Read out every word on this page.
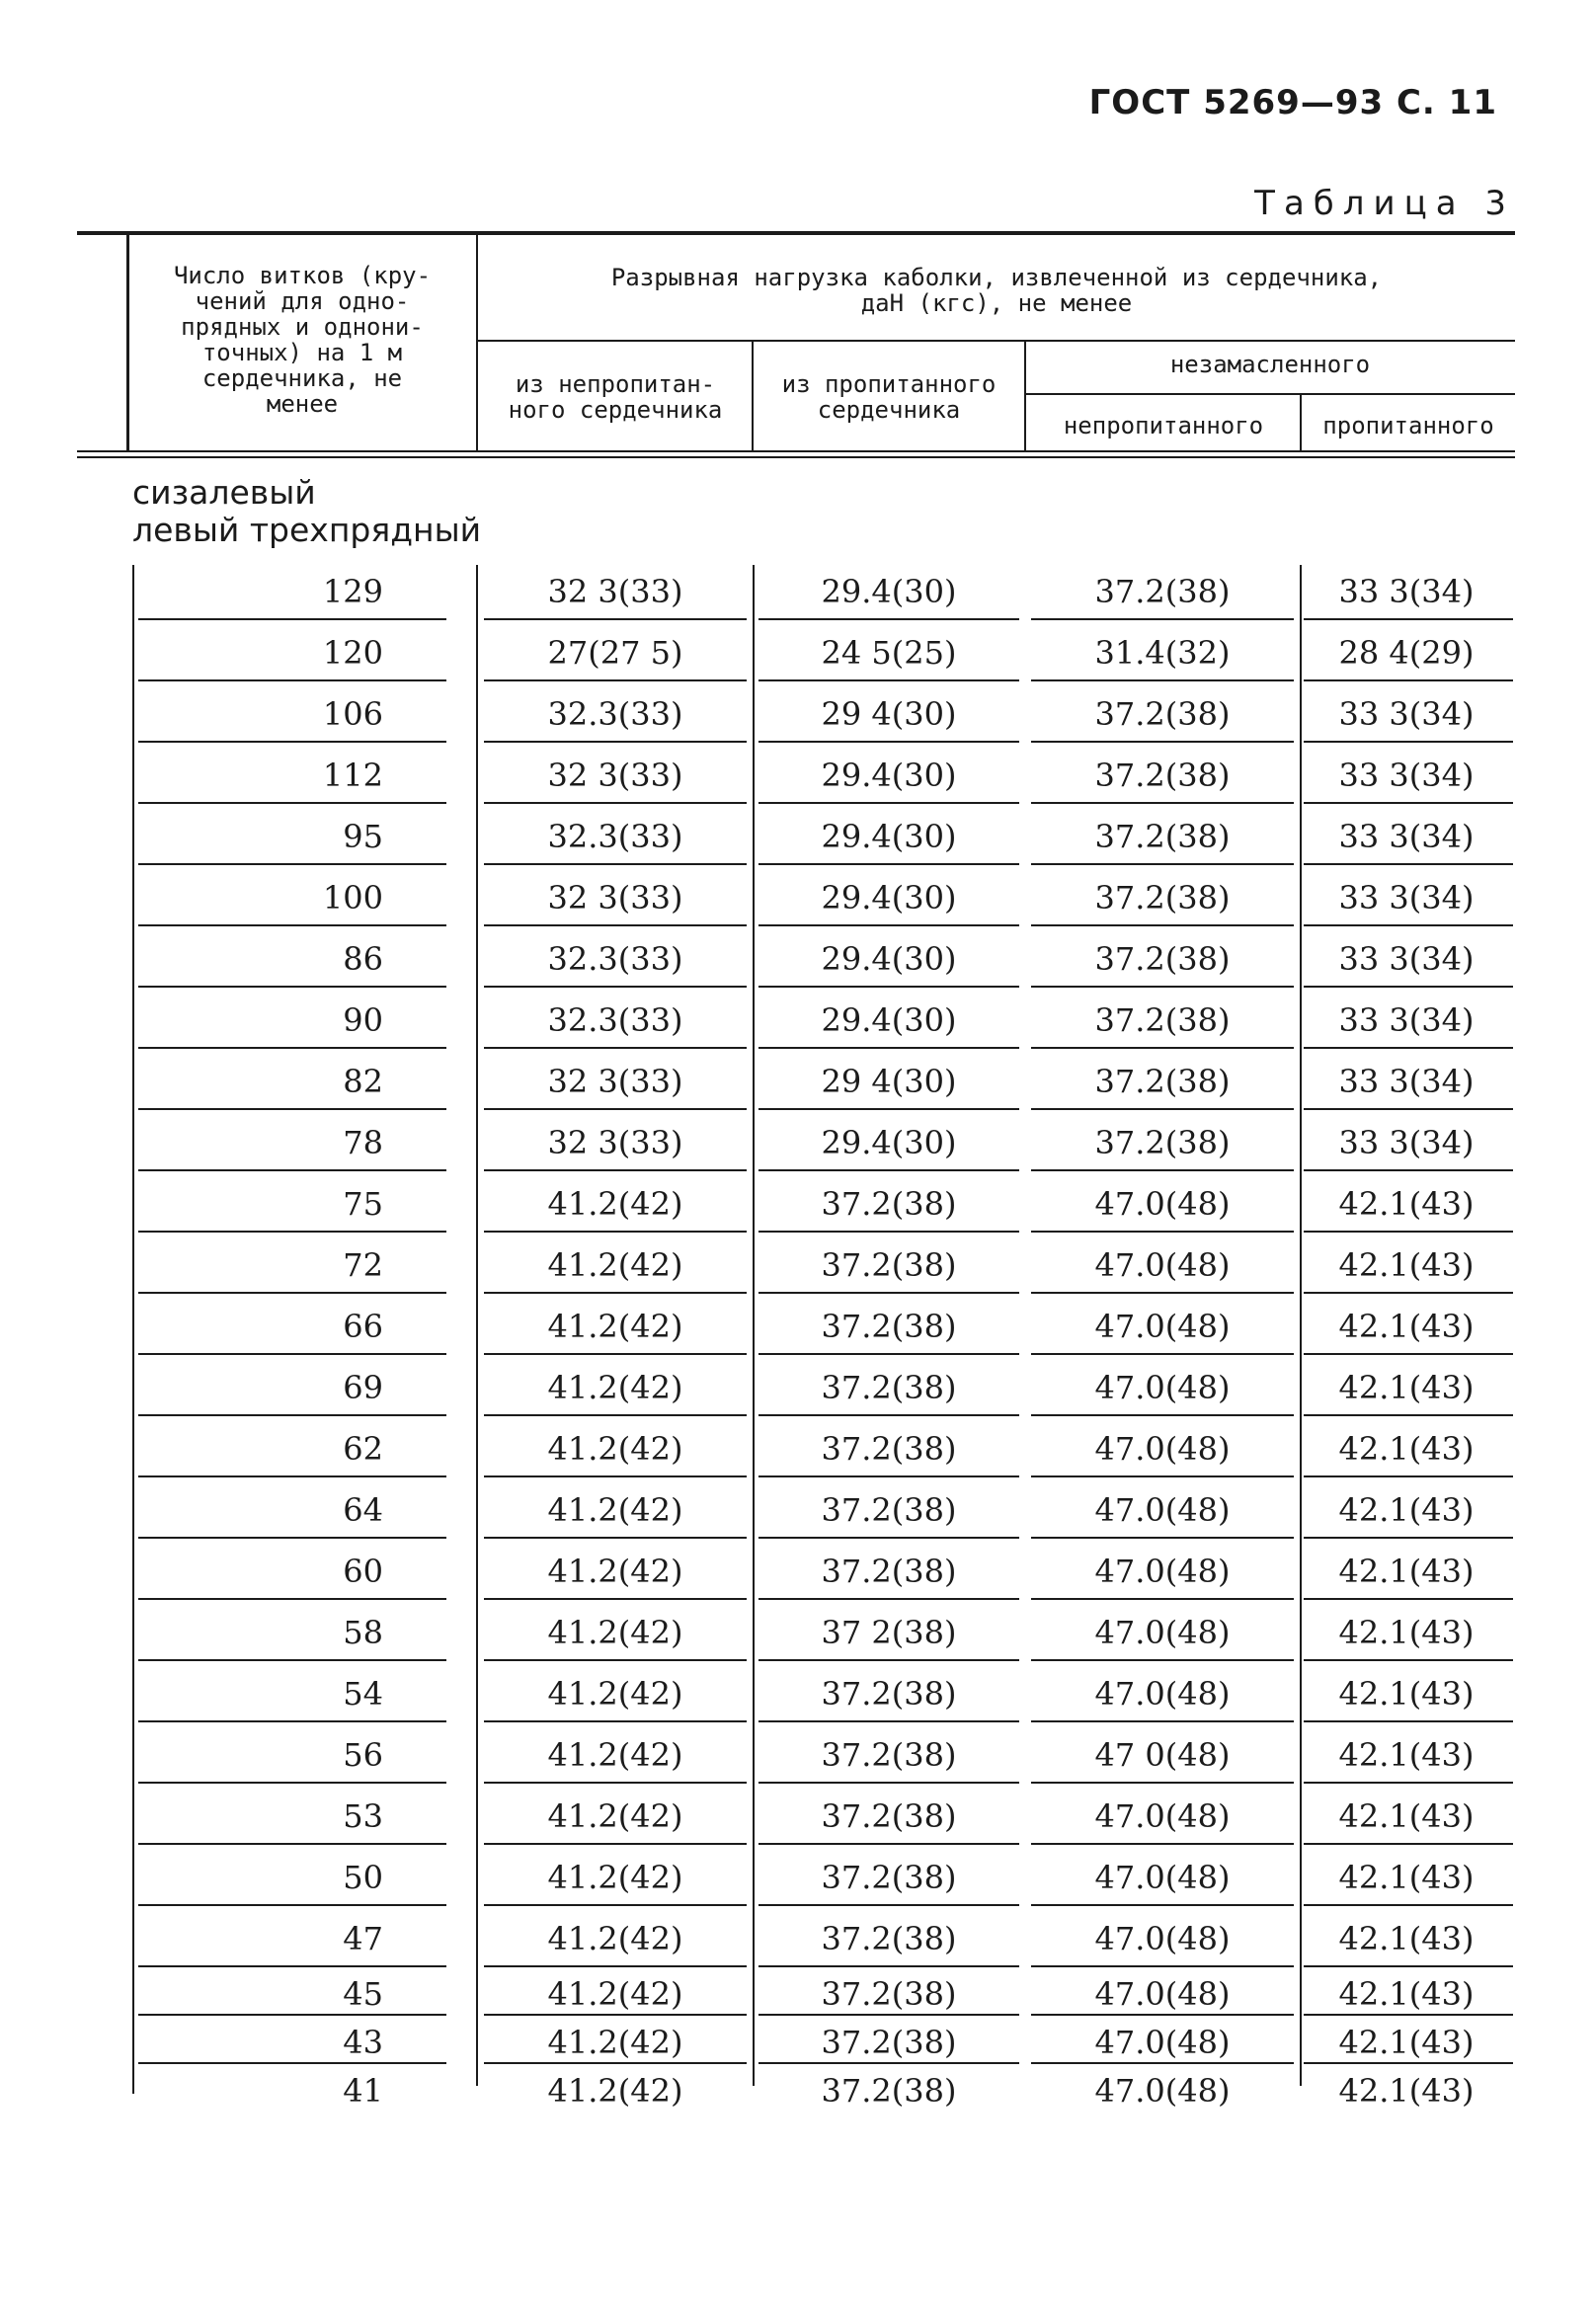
ГОСТ 5269—93 С. 11
Таблица 3
Число витков (кру-
чений для одно-
прядных и однони-
точных) на 1 м
сердечника, не
менее
Разрывная нагрузка каболки, извлеченной из сердечника,
даН (кгс), не менее
из непропитан-
ного сердечника
из пропитанного
сердечника
незамасленного
непропитанного	пропитанного
сизалевый
левый трехпрядный
129	32 3(33)	29.4(30)	37.2(38)	33 3(34)
120	27(27 5)	24 5(25)	31.4(32)	28 4(29)
106	32.3(33)	29 4(30)	37.2(38)	33 3(34)
112	32 3(33)	29.4(30)	37.2(38)	33 3(34)
95	32.3(33)	29.4(30)	37.2(38)	33 3(34)
100	32 3(33)	29.4(30)	37.2(38)	33 3(34)
86	32.3(33)	29.4(30)	37.2(38)	33 3(34)
90	32.3(33)	29.4(30)	37.2(38)	33 3(34)
82	32 3(33)	29 4(30)	37.2(38)	33 3(34)
78	32 3(33)	29.4(30)	37.2(38)	33 3(34)
75	41.2(42)	37.2(38)	47.0(48)	42.1(43)
72	41.2(42)	37.2(38)	47.0(48)	42.1(43)
66	41.2(42)	37.2(38)	47.0(48)	42.1(43)
69	41.2(42)	37.2(38)	47.0(48)	42.1(43)
62	41.2(42)	37.2(38)	47.0(48)	42.1(43)
64	41.2(42)	37.2(38)	47.0(48)	42.1(43)
60	41.2(42)	37.2(38)	47.0(48)	42.1(43)
58	41.2(42)	37 2(38)	47.0(48)	42.1(43)
54	41.2(42)	37.2(38)	47.0(48)	42.1(43)
56	41.2(42)	37.2(38)	47 0(48)	42.1(43)
53	41.2(42)	37.2(38)	47.0(48)	42.1(43)
50	41.2(42)	37.2(38)	47.0(48)	42.1(43)
47	41.2(42)	37.2(38)	47.0(48)	42.1(43)
45	41.2(42)	37.2(38)	47.0(48)	42.1(43)
43	41.2(42)	37.2(38)	47.0(48)	42.1(43)
41	41.2(42)	37.2(38)	47.0(48)	42.1(43)
